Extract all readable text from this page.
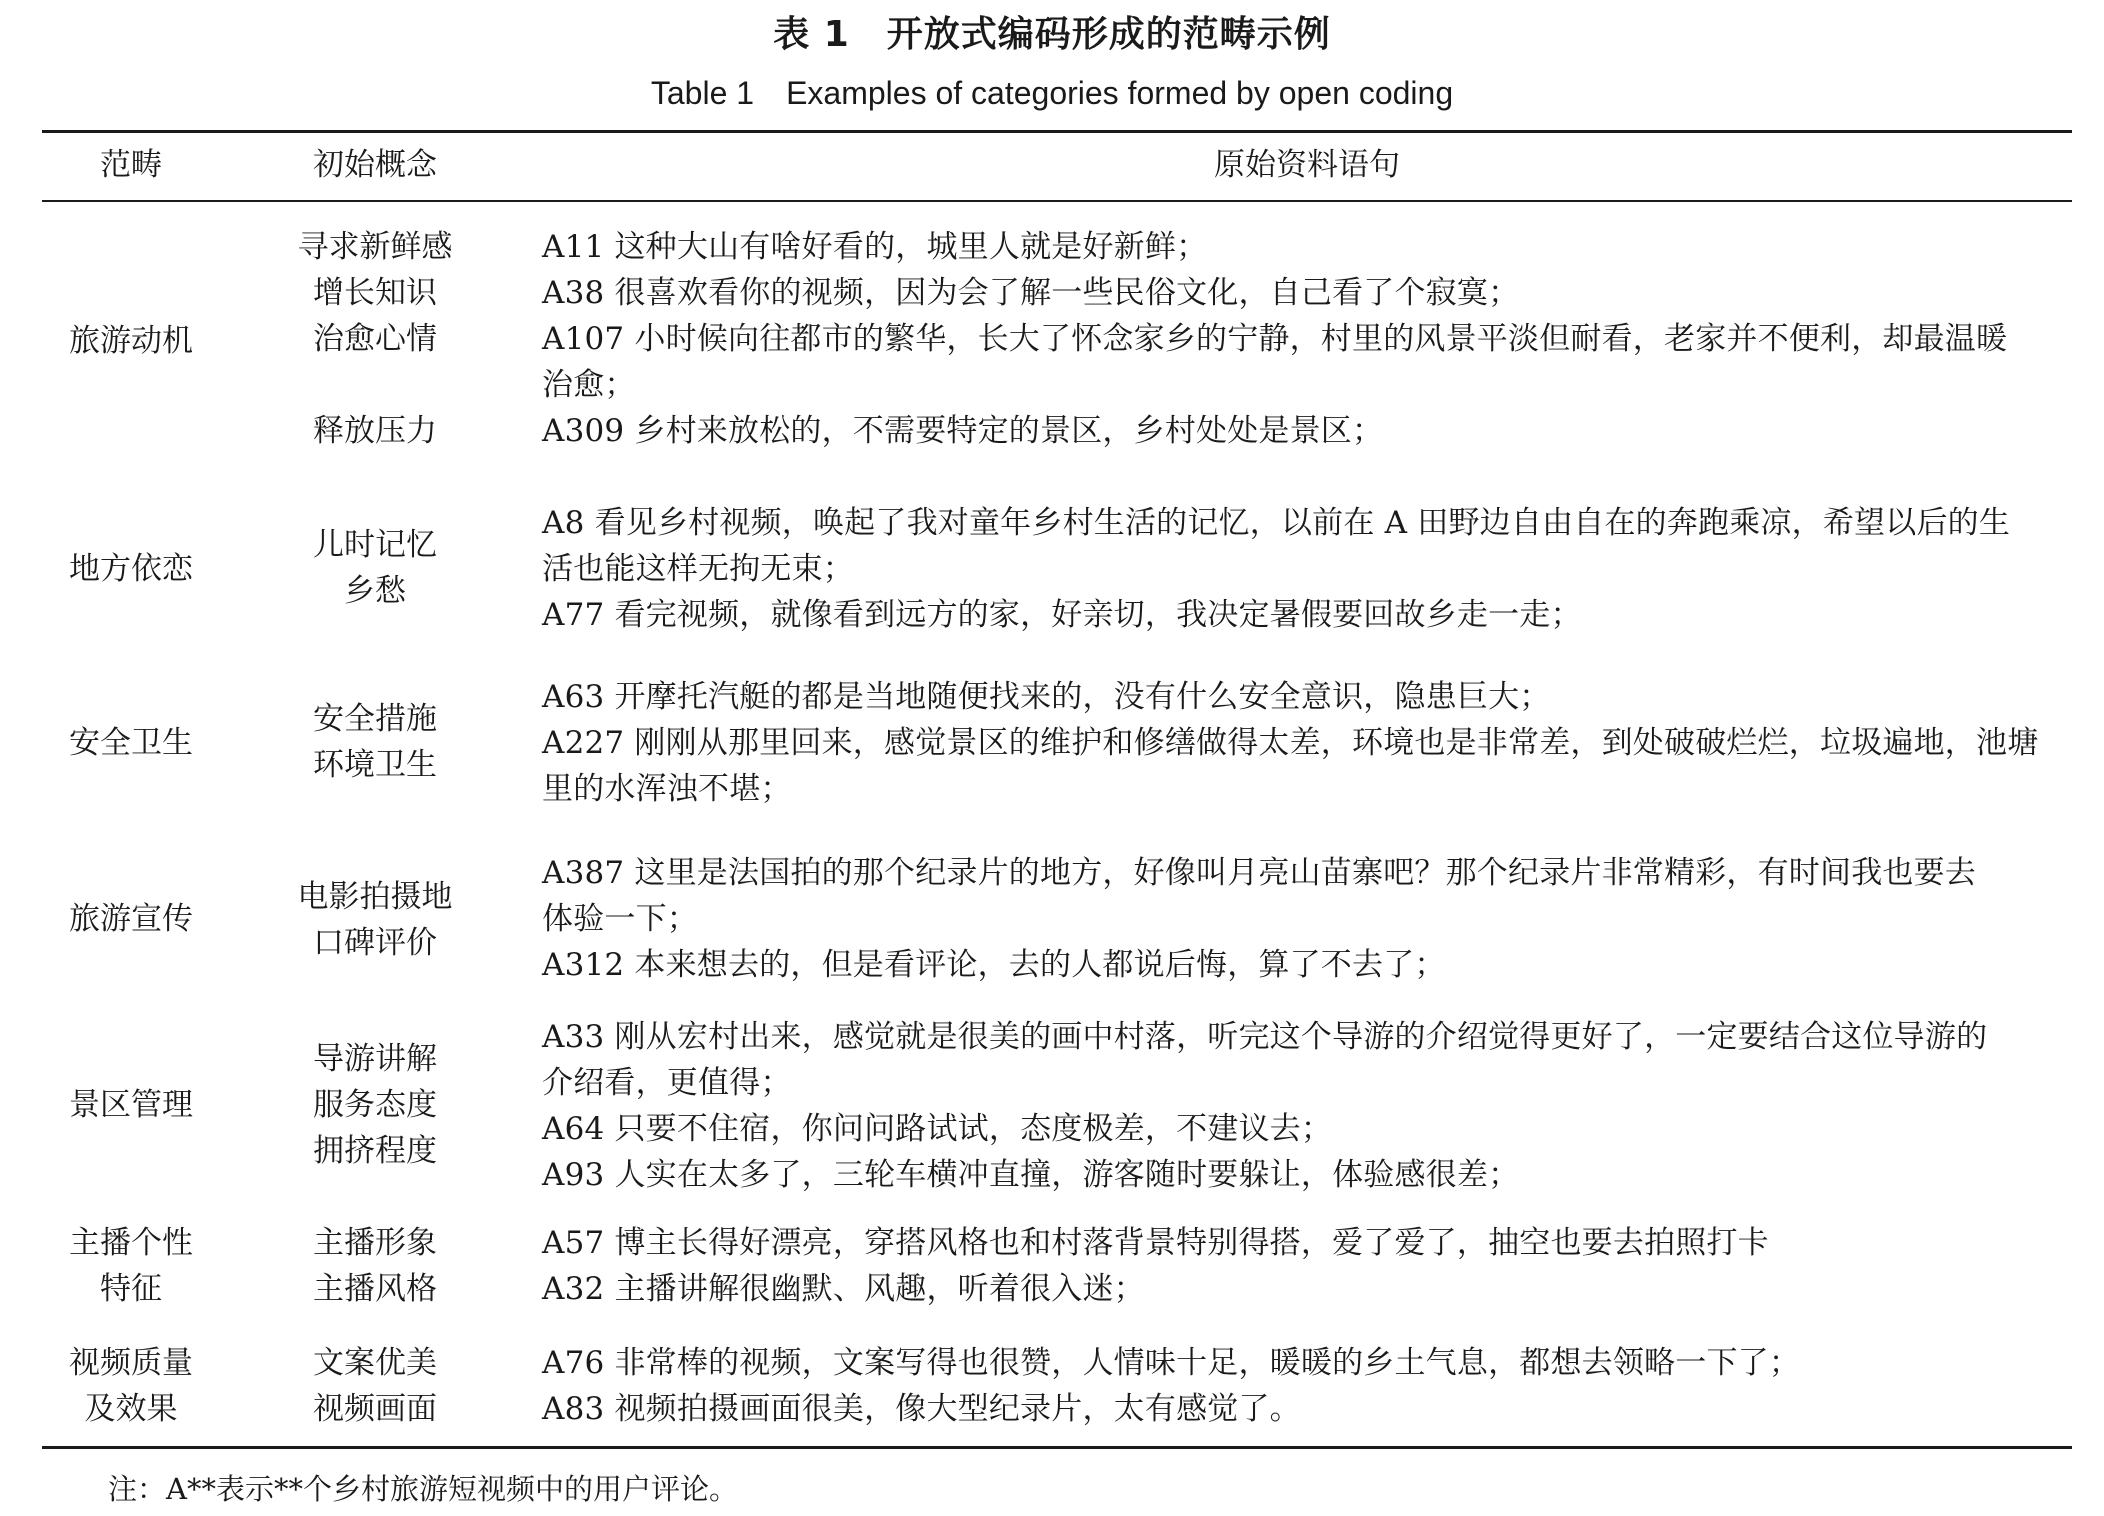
表 1　开放式编码形成的范畴示例
Table 1　Examples of categories formed by open coding
范畴	初始概念	原始资料语句
旅游动机
寻求新鲜感
增长知识
治愈心情
释放压力
A11 这种大山有啥好看的，城里人就是好新鲜；
A38 很喜欢看你的视频，因为会了解一些民俗文化，自己看了个寂寞；
A107 小时候向往都市的繁华，长大了怀念家乡的宁静，村里的风景平淡但耐看，老家并不便利，却最温暖
治愈；
A309 乡村来放松的，不需要特定的景区，乡村处处是景区；
地方依恋
儿时记忆
乡愁
A8 看见乡村视频，唤起了我对童年乡村生活的记忆，以前在 A 田野边自由自在的奔跑乘凉，希望以后的生
活也能这样无拘无束；
A77 看完视频，就像看到远方的家，好亲切，我决定暑假要回故乡走一走；
安全卫生
安全措施
环境卫生
A63 开摩托汽艇的都是当地随便找来的，没有什么安全意识，隐患巨大；
A227 刚刚从那里回来，感觉景区的维护和修缮做得太差，环境也是非常差，到处破破烂烂，垃圾遍地，池塘
里的水浑浊不堪；
旅游宣传
电影拍摄地
口碑评价
A387 这里是法国拍的那个纪录片的地方，好像叫月亮山苗寨吧？那个纪录片非常精彩，有时间我也要去
体验一下；
A312 本来想去的，但是看评论，去的人都说后悔，算了不去了；
景区管理
导游讲解
服务态度
拥挤程度
A33 刚从宏村出来，感觉就是很美的画中村落，听完这个导游的介绍觉得更好了，一定要结合这位导游的
介绍看，更值得；
A64 只要不住宿，你问问路试试，态度极差，不建议去；
A93 人实在太多了，三轮车横冲直撞，游客随时要躲让，体验感很差；
主播个性
特征
主播形象
主播风格
A57 博主长得好漂亮，穿搭风格也和村落背景特别得搭，爱了爱了，抽空也要去拍照打卡
A32 主播讲解很幽默、风趣，听着很入迷；
视频质量
及效果
文案优美
视频画面
A76 非常棒的视频，文案写得也很赞，人情味十足，暖暖的乡土气息，都想去领略一下了；
A83 视频拍摄画面很美，像大型纪录片，太有感觉了。
注：A**表示**个乡村旅游短视频中的用户评论。
